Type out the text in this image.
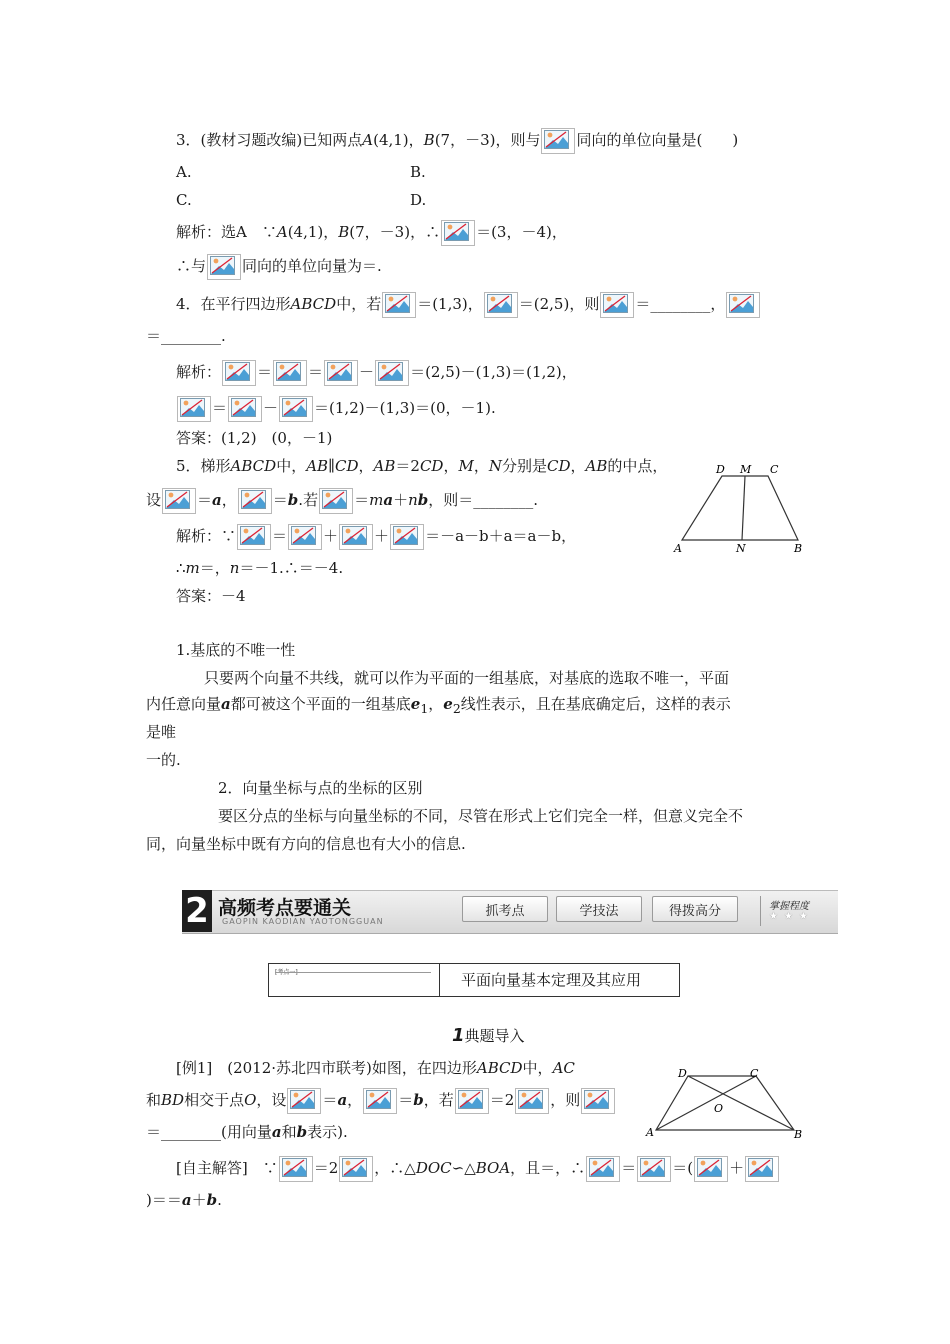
3．(教材习题改编)已知两点A(4,1)，B(7，－3)，则与 同向的单位向量是(　　)
A.	B.
C.	D.
解析：选A　∵A(4,1)，B(7，－3)，∴ ＝(3，－4)，
∴与 同向的单位向量为＝.
4．在平行四边形ABCD中，若 ＝(1,3)， ＝(2,5)，则 ＝________，
＝________.
解析： ＝ ＝ － ＝(2,5)－(1,3)＝(1,2)，
＝ － ＝(1,2)－(1,3)＝(0，－1).
答案：(1,2)　(0，－1)
5．梯形ABCD中，AB∥CD，AB＝2CD，M，N分别是CD，AB的中点，
设 ＝a， ＝b.若 ＝ma＋nb，则＝________.
解析：∵ ＝ ＋ ＋ ＝－a－b＋a＝a－b，
∴m＝，n＝－1.∴＝－4.
答案：－4
D M C
A	N	B
1.基底的不唯一性
只要两个向量不共线，就可以作为平面的一组基底，对基底的选取不唯一，平面
内任意向量a都可被这个平面的一组基底$e_1$，$e_2$线性表示，且在基底确定后，这样的表示
是唯
一的.
2．向量坐标与点的坐标的区别
要区分点的坐标与向量坐标的不同，尽管在形式上它们完全一样，但意义完全不
同，向量坐标中既有方向的信息也有大小的信息.
2 高频考点要通关
GAOPIN KAODIAN YAOTONGGUAN
抓考点	学技法	得拨高分	掌握程度
★★★
[考点一]	平面向量基本定理及其应用
1典题导入
[例1]　(2012·苏北四市联考)如图，在四边形ABCD中，AC
和BD相交于点O，设 ＝a， ＝b，若 ＝2 ，则
＝________(用向量a和b表示).
[自主解答]　∵ ＝2 ，∴△DOC∽△BOA，且＝，∴ ＝ ＝( ＋
)＝＝a＋b.
D	C
O
A	B
